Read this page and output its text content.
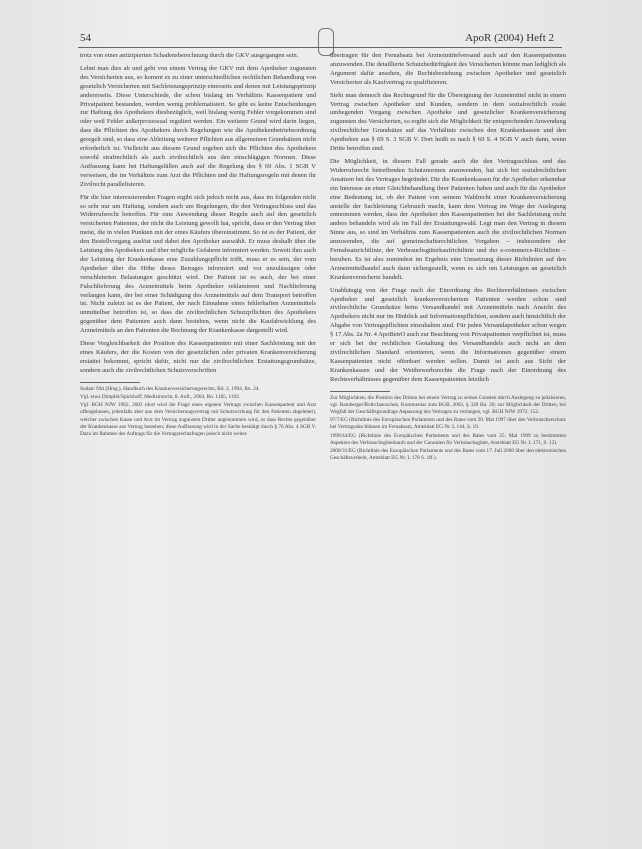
54	ApoR (2004) Heft 2

trotz von einer antizipierten Schadensberechnung durch die GKV ausgegangen sein.

Lehnt man dies ab und geht von einem Vertrag der GKV mit dem Apotheker zugunsten des Versicherten aus, so kommt es zu einer unterschiedlichen rechtlichen Behandlung von gesetzlich Versicherten mit Sachleistungsprinzip einerseits und denen mit Leistungsprinzip andererseits. Diese Unterschiede, die schon bislang im Verhältnis Kassenpatient und Privatpatient bestanden, werden wenig problematisiert. So gibt es keine Entscheidungen zur Haftung des Apothekers diesbezüglich, weil bislang wenig Fehler vorgekommen sind oder weil Fehler außerprozessual reguliert werden. Ein weiterer Grund wird darin liegen, dass die Pflichten des Apothekers durch Regelungen wie die Apothekenbetriebsordnung geregelt sind, so dass eine Ableitung weiterer Pflichten aus allgemeinen Grundsätzen nicht erforderlich ist. Vielleicht aus diesem Grund ergeben sich die Pflichten des Apothekers sowohl strafrechtlich als auch zivilrechtlich aus den einschlägigen Normen. Diese Auffassung kann bei Haftungsfällen auch auf die Regelung des § 69 Abs. 1 SGB V verweisen, die im Verhältnis zum Arzt die Pflichten und die Haftungsregeln mit denen ihr Zivilrecht parallelisieren.

Für die hier interessierenden Fragen ergibt sich jedoch nicht aus, dass im folgenden nicht so sehr nur um Haftung, sondern auch um Regelungen, die den Vertragsschluss und das Widerrufsrecht betreffen. Für eine Anwendung dieser Regeln auch auf den gesetzlich versicherten Patienten, der nicht die Leistung gewollt hat, spricht, dass er den Vertrag über meist, die in vielen Punkten mit der eines Käufers übereinstimmt. So ist es der Patient, der den Bestellvorgang auslöst und dabei den Apotheker auswählt. Er muss deshalb über die Leistung des Apothekers und über mögliche Gefahren informiert werden. Soweit ihm auch der Leistung der Krankenkasse eine Zuzahlungspflicht trifft, muss er es sein, der vom Apotheker über die Höhe dieses Betrages informiert und vor unzulässigen oder verschleierten Belastungen geschützt wird. Der Patient ist es auch, der bei einer Falschlieferung des Arzneimittels beim Apotheker reklamieren und Nachlieferung verlangen kann, der bei einer Schädigung des Arzneimittels auf dem Transport betroffen ist. Nicht zuletzt ist es der Patient, der nach Einnahme eines fehlerhaften Arzneimittels unmittelbar betroffen ist, so dass die zivilrechtlichen Schutzpflichten des Apothekers gegenüber dem Patienten auch dann bestehen, wenn nicht die Kaufabwicklung des Arzneimittels an den Patienten die Rechnung der Krankenkasse dargestellt wird.

Diese Vergleichbarkeit der Position des Kassenpatienten mit einer Sachleistung mit der eines Käufers, der die Kosten von der gesetzlichen oder privaten Krankenversicherung erstattet bekommt, spricht dafür, nicht nur die zivilrechtlichen Erstattungsgrundsätze, sondern auch die zivilrechtlichen Schutzvorschriften

Sodan/ Nitt (Hrsg.), Handbuch des Krankenversicherungsrechts, Bd. 2, 1994, Rn. 24.

Vgl. etwa Dimpfel/Spickhoff, Medizinrecht, 8. Aufl., 2004, Rn. 1185, 1192.

Vgl. BGH NJW 1982, 2602 (dort wird die Frage eines eigenen Vertrags zwischen Kassenpatient und Arzt offengelassen, jedenfalls aber aus dem Versicherungsvertrag mit Schutzwirkung für den Patienten abgeleitet), welcher zwischen Kasse und Arzt im Vertrag zugunsten Dritter angenommen wird, so dass Rechte gegenüber der Krankenkasse aus Vertrag bestehen; diese Auffassung wird in der Sache bestätigt durch § 76 Abs. 4 SGB V. Dazu im Rahmen des Auftrags für die Vertragsrechtsfragen jedoch nicht weiter.

übertragen für den Fernabsatz bei Arzneimittelversand auch auf den Kassenpatienten anzuwenden. Die detaillierte Schutzbedürftigkeit des Versicherten könnte man lediglich als Argument dafür ansehen, die Rechtsbeziehung zwischen Apotheker und gesetzlich Versicherten als Kaufvertrag zu qualifizieren.

Sieht man dennoch das Rechtsgrund für die Übereignung der Arzneimittel nicht in einem Vertrag zwischen Apotheker und Kunden, sondern in dem sozialrechtlich exakt umhegenden Vorgang zwischen Apotheke und gesetzlicher Krankenversicherung zugunsten des Versicherten, so ergibt sich die Möglichkeit für entsprechenden Anwendung zivilrechtlicher Grundsätze auf das Verhältnis zwischen den Krankenkassen und den Apotheken aus § 69 S. 3 SGB V. Dort heißt es nach § 69 S. 4 SGB V auch dann, wenn Dritte betroffen sind.

Die Möglichkeit, in diesem Fall gerade auch die den Vertragsschluss und das Widerrufsrecht betreffenden Schutznormen anzuwenden, hat sich bei sozialrechtlichen Ansätzen bei des Vertrages begründet. Die die Krankenkassen für die Apotheker erkennbar ein Interesse an einer Gleichbehandlung ihrer Patienten haben und auch für die Apotheker eine Bedeutung ist, ob der Patient von seinem Wahlrecht einer Krankenversicherung anstelle der Sachleistung Gebrauch macht, kann dem Vertrag im Wege der Auslegung entnommen werden, dass der Apotheker den Kassenpatienten bei der Sachleistung nicht anders behandeln wird als im Fall der Erstattungswahl. Legt man den Vertrag in diesem Sinne aus, so sind im Verhältnis zum Kassenpatienten auch die zivilrechtlichen Normen anzuwenden, die auf gemeinschaftsrechtlichen Vorgaben – insbesondere der Fernabsatzrichtlinie, der Verbrauchsgüterkaufrichtlinie und der e-commerce-Richtlinie – beruhen. Es ist also zumindest im Ergebnis eine Umsetzung dieser Richtlinien auf den Arzneimittelhandel auch dann sichergestellt, wenn es sich um Leistungen an gesetzlich Krankenversicherte handelt.

Unabhängig von der Frage nach der Einordnung des Rechtsverhältnisses zwischen Apotheker und gesetzlich krankenversichertem Patienten werden schon sind zivilrechtliche Grundsätze beim Versandhandel mit Arzneimitteln nach Ansicht des Apothekers nicht nur im Hinblick auf Informationspflichten, sondern auch hinsichtlich der Abgabe von Vertragspflichten einzuhalten sind. Für jeden Versandapotheker schon wegen § 17 Abs. 2a Nr. 4 ApoBetrO auch zur Beachtung von Privatpatienten verpflichtet ist, muss er sich bei der rechtlichen Gestaltung des Versandhandels auch nicht an dem zivilrechtlichen Standard orientieren, wenn die Informationen gegenüber einem Kassenpatienten nicht offenbart werden sollen. Damit ist auch aus Sicht der Krankenkassen und der Wettbewerbsrechte die Frage nach der Einordnung des Rechtsverhältnisses gegenüber dem Kassenpatienten letztlich

Zur Möglichkeit, die Position des Dritten bei einem Vertrag zu seinen Gunsten durch Auslegung zu präzisieren, vgl. Bamberger/Roth/Janoschek, Kommentar zum BGB, 2003, § 328 Rn. 20; zur Möglichkeit der Dritten, bei Wegfall der Geschäftsgrundlage Anpassung des Vertrages zu verlangen, vgl. BGH NJW 1972, 152.

97/7/EG (Richtlinie des Europäischen Parlaments und des Rates vom 20. Mai 1997 über den Verbraucherschutz bei Vertragsabschlüssen im Fernabsatz, Amtsblatt EG Nr. L 144, S. 19.

1999/44/EG (Richtlinie des Europäischen Parlaments und des Rates vom 25. Mai 1999 zu bestimmten Aspekten des Verbrauchsgüterkaufs und der Garantien für Verbrauchsgüter, Amtsblatt EG Nr. L 171, S. 12).

2000/31/EG (Richtlinie des Europäischen Parlaments und des Rates vom 17. Juli 2000 über den elektronischen Geschäftsverkehr, Amtsblatt EG Nr. L 178 S. 1ff.).
